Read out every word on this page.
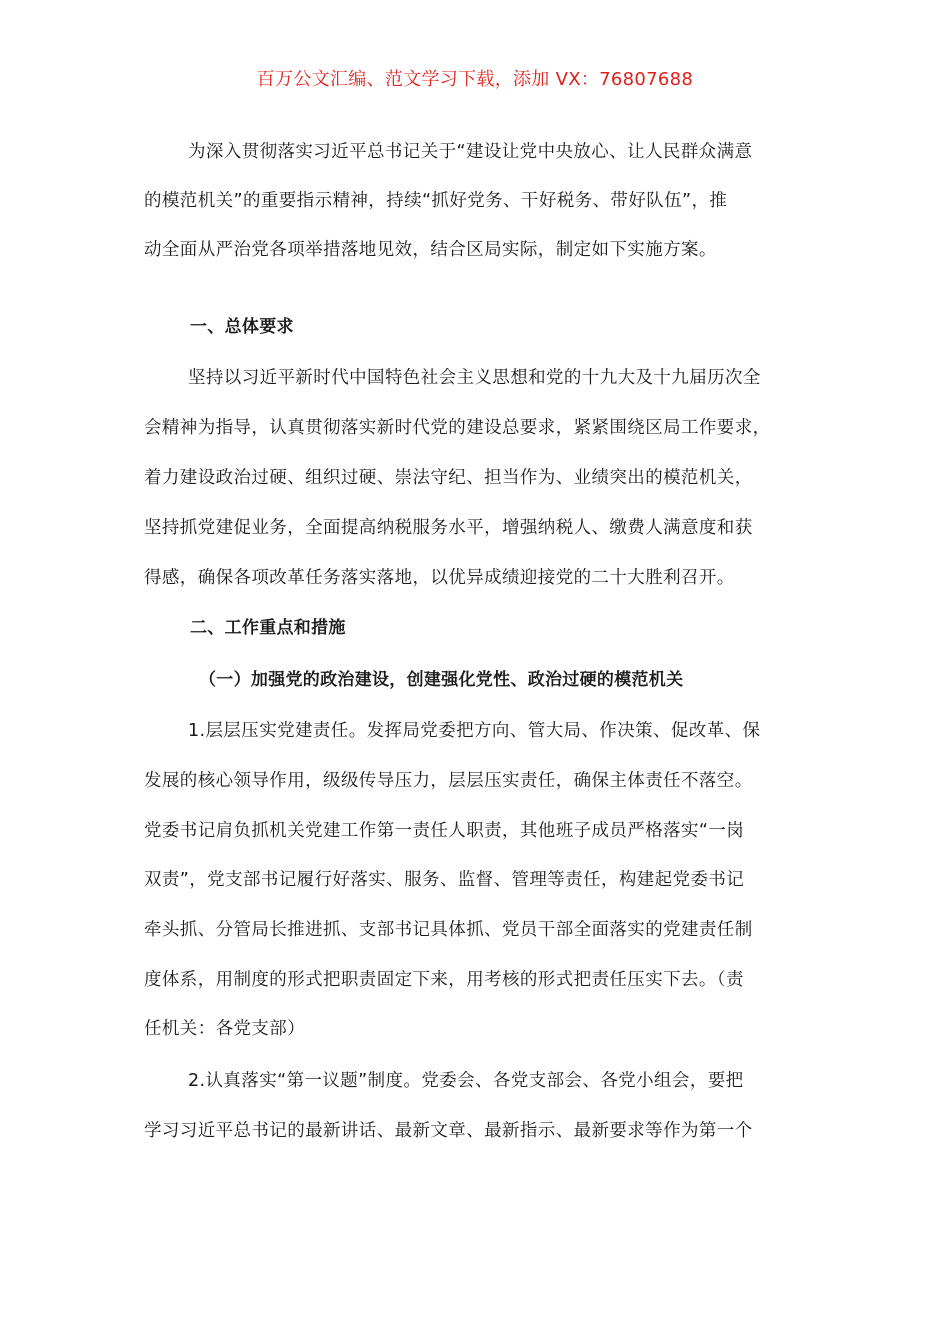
百万公文汇编、范文学习下载，添加 VX：76807688
为深入贯彻落实习近平总书记关于“建设让党中央放心、让人民群众满意
的模范机关”的重要指示精神，持续“抓好党务、干好税务、带好队伍”，推
动全面从严治党各项举措落地见效，结合区局实际，制定如下实施方案。
一、总体要求
坚持以习近平新时代中国特色社会主义思想和党的十九大及十九届历次全
会精神为指导，认真贯彻落实新时代党的建设总要求，紧紧围绕区局工作要求，
着力建设政治过硬、组织过硬、崇法守纪、担当作为、业绩突出的模范机关，
坚持抓党建促业务，全面提高纳税服务水平，增强纳税人、缴费人满意度和获
得感，确保各项改革任务落实落地，以优异成绩迎接党的二十大胜利召开。
二、工作重点和措施
（一）加强党的政治建设，创建强化党性、政治过硬的模范机关
1.层层压实党建责任。发挥局党委把方向、管大局、作决策、促改革、保
发展的核心领导作用，级级传导压力，层层压实责任，确保主体责任不落空。
党委书记肩负抓机关党建工作第一责任人职责，其他班子成员严格落实“一岗
双责”，党支部书记履行好落实、服务、监督、管理等责任，构建起党委书记
牵头抓、分管局长推进抓、支部书记具体抓、党员干部全面落实的党建责任制
度体系，用制度的形式把职责固定下来，用考核的形式把责任压实下去。（责
任机关：各党支部）
2.认真落实“第一议题”制度。党委会、各党支部会、各党小组会，要把
学习习近平总书记的最新讲话、最新文章、最新指示、最新要求等作为第一个
